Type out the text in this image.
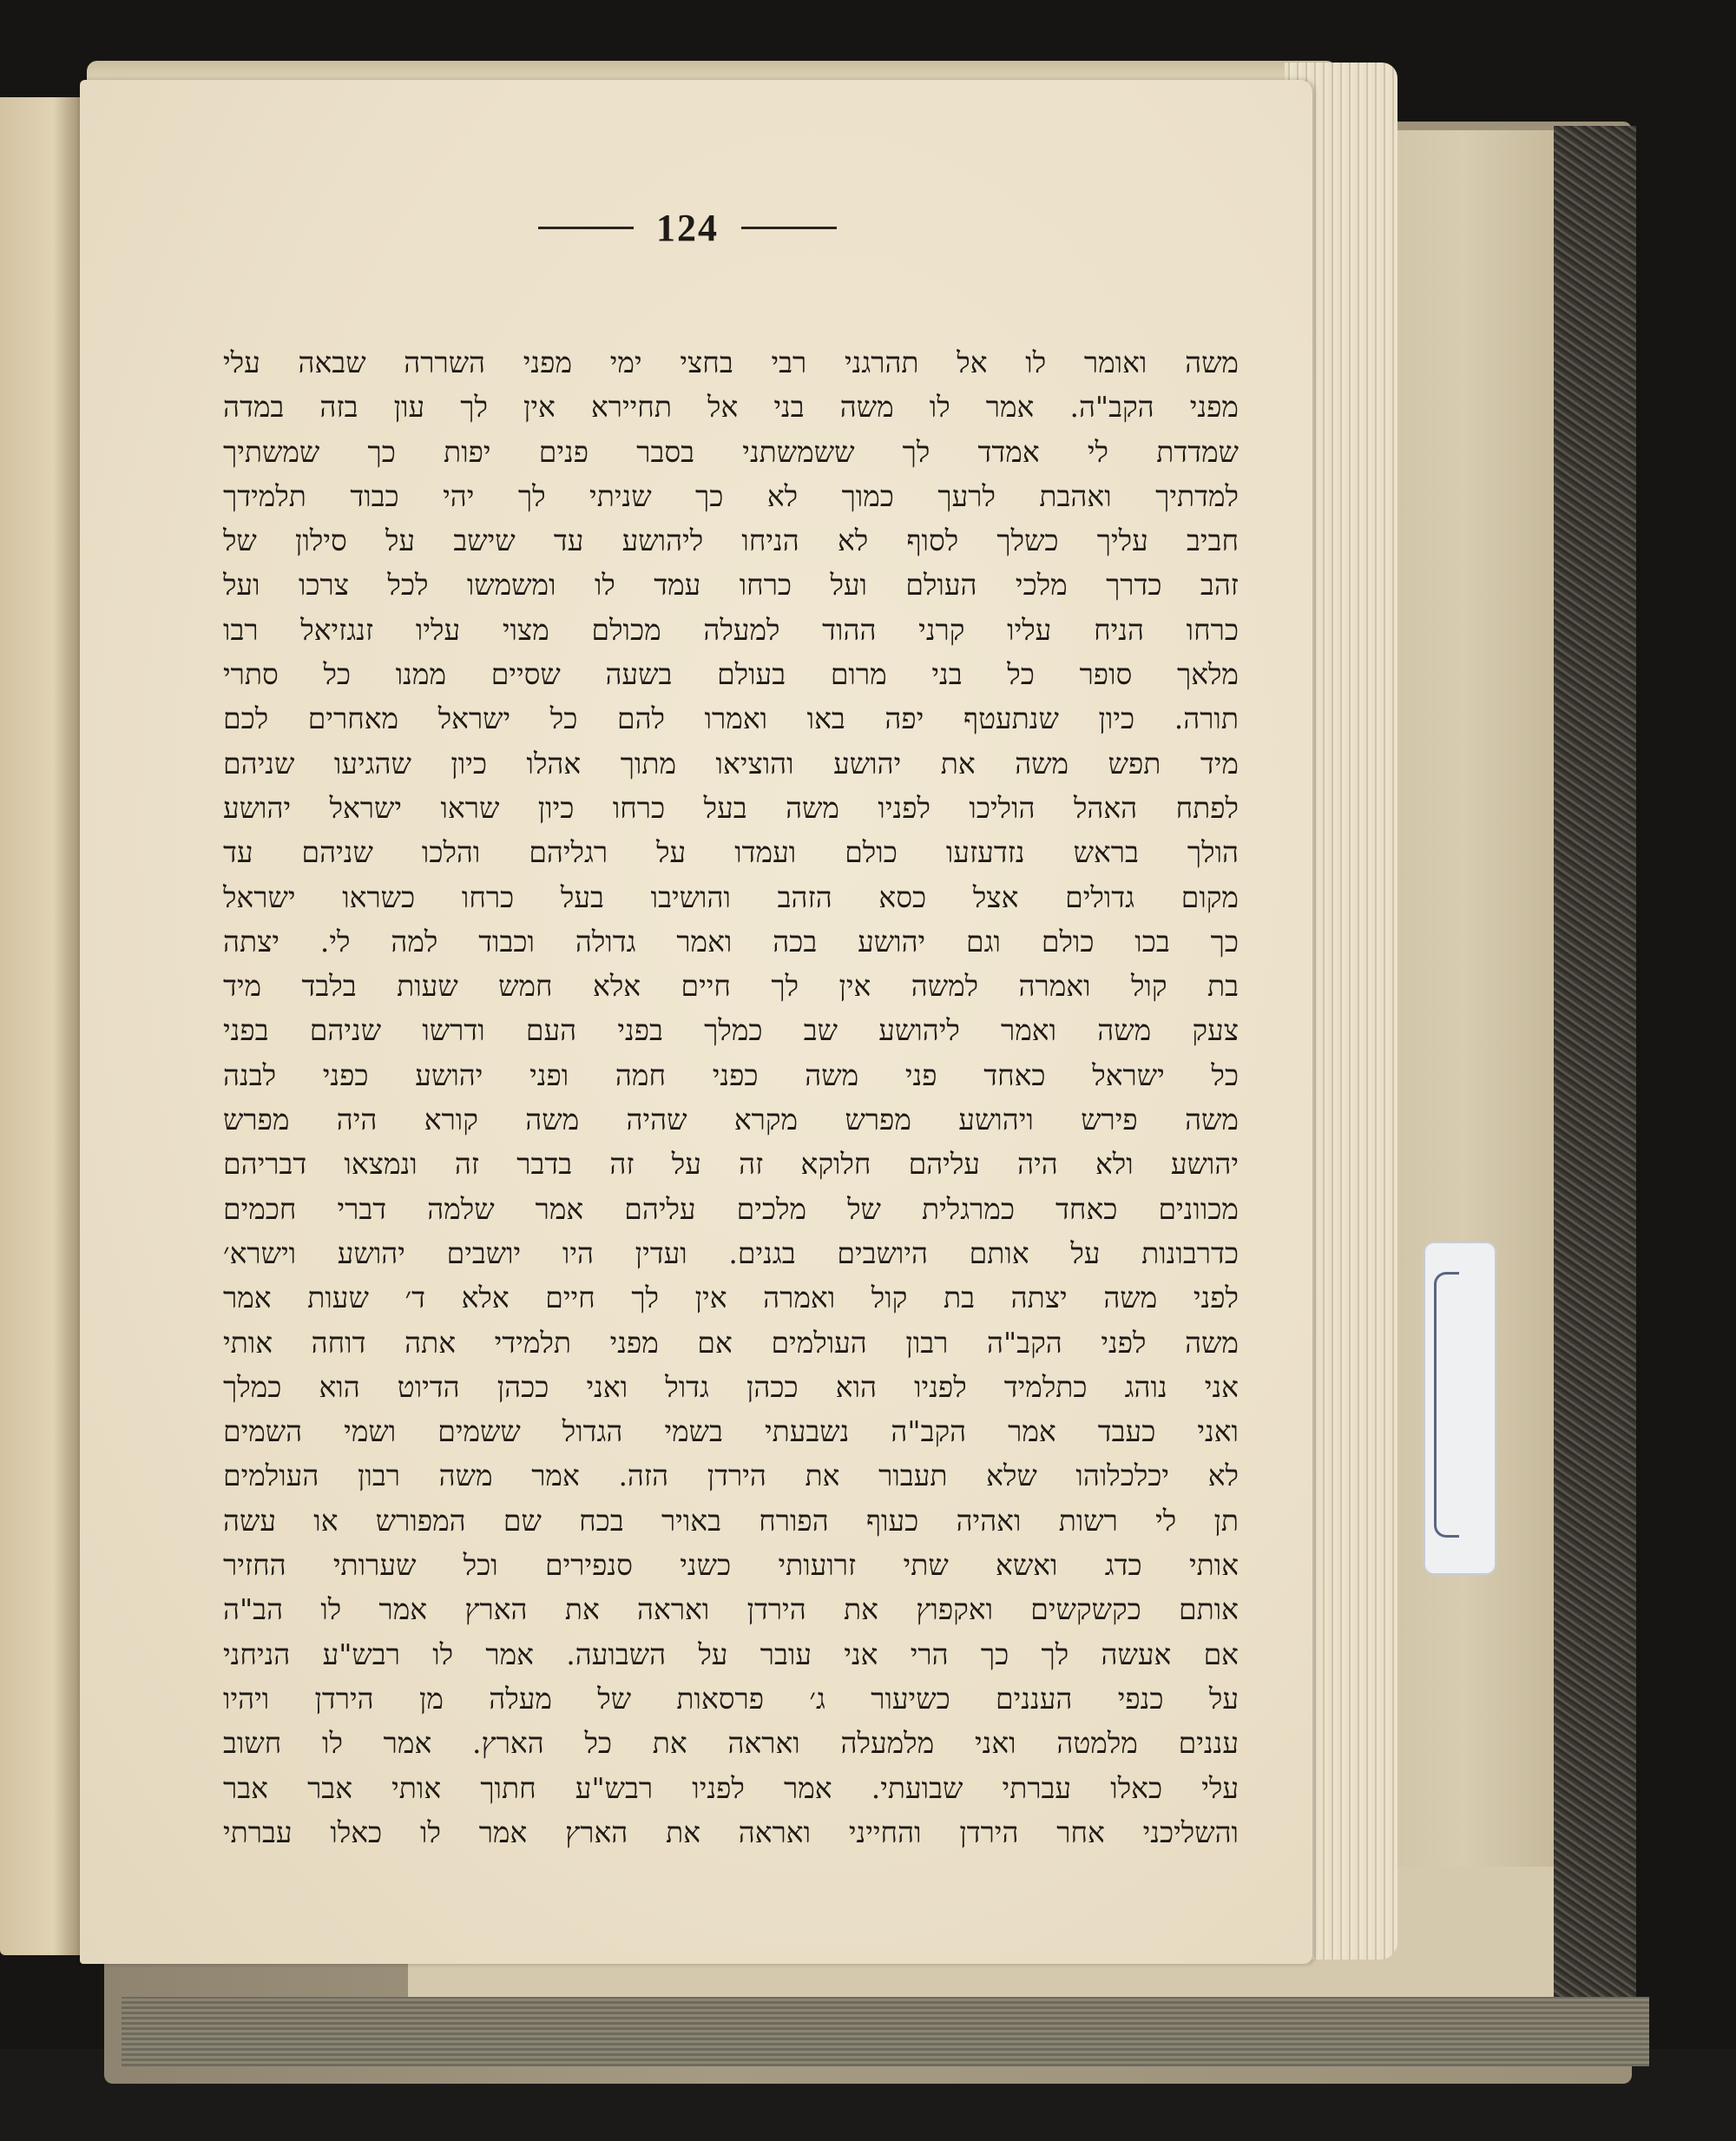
124
משה ואומר לו אל תהרגני רבי בחצי ימי מפני השררה שבאה עלי
מפני הקב"ה. אמר לו משה בני אל תחיירא אין לך עון בזה במדה
שמדדת לי אמדד לך ששמשתני בסבר פנים יפות כך שמשתיך
למדתיך ואהבת לרעך כמוך לא כך שניתי לך יהי כבוד תלמידך
חביב עליך כשלך לסוף לא הניחו ליהושע עד שישב על סילון של
זהב כדרך מלכי העולם ועל כרחו עמד לו ומשמשו לכל צרכו ועל
כרחו הניח עליו קרני ההוד למעלה מכולם מצוי עליו זנגזיאל רבו
מלאך סופר כל בני מרום בעולם בשעה שסיים ממנו כל סתרי
תורה. כיון שנתעטף יפה באו ואמרו להם כל ישראל מאחרים לכם
מיד תפש משה את יהושע והוציאו מתוך אהלו כיון שהגיעו שניהם
לפתח האהל הוליכו לפניו משה בעל כרחו כיון שראו ישראל יהושע
הולך בראש נזדעזעו כולם ועמדו על רגליהם והלכו שניהם עד
מקום גדולים אצל כסא הזהב והושיבו בעל כרחו כשראו ישראל
כך בכו כולם וגם יהושע בכה ואמר גדולה וכבוד למה לי. יצתה
בת קול ואמרה למשה אין לך חיים אלא חמש שעות בלבד מיד
צעק משה ואמר ליהושע שב כמלך בפני העם ודרשו שניהם בפני
כל ישראל כאחד פני משה כפני חמה ופני יהושע כפני לבנה
משה פירש ויהושע מפרש מקרא שהיה משה קורא היה מפרש
יהושע ולא היה עליהם חלוקא זה על זה בדבר זה ונמצאו דבריהם
מכוונים כאחד כמרגלית של מלכים עליהם אמר שלמה דברי חכמים
כדרבונות על אותם היושבים בגנים. ועדין היו יושבים יהושע וישרא׳
לפני משה יצתה בת קול ואמרה אין לך חיים אלא ד׳ שעות אמר
משה לפני הקב"ה רבון העולמים אם מפני תלמידי אתה דוחה אותי
אני נוהג כתלמיד לפניו הוא ככהן גדול ואני ככהן הדיוט הוא כמלך
ואני כעבד אמר הקב"ה נשבעתי בשמי הגדול ששמים ושמי השמים
לא יכלכלוהו שלא תעבור את הירדן הזה. אמר משה רבון העולמים
תן לי רשות ואהיה כעוף הפורח באויר בכח שם המפורש או עשה
אותי כדג ואשא שתי זרועותי כשני סנפירים וכל שערותי החזיר
אותם כקשקשים ואקפוץ את הירדן ואראה את הארץ אמר לו הב"ה
אם אעשה לך כך הרי אני עובר על השבועה. אמר לו רבש"ע הניחני
על כנפי העננים כשיעור ג׳ פרסאות של מעלה מן הירדן ויהיו
עננים מלמטה ואני מלמעלה ואראה את כל הארץ. אמר לו חשוב
עלי כאלו עברתי שבועתי. אמר לפניו רבש"ע חתוך אותי אבר אבר
והשליכני אחר הירדן והחייני ואראה את הארץ אמר לו כאלו עברתי
